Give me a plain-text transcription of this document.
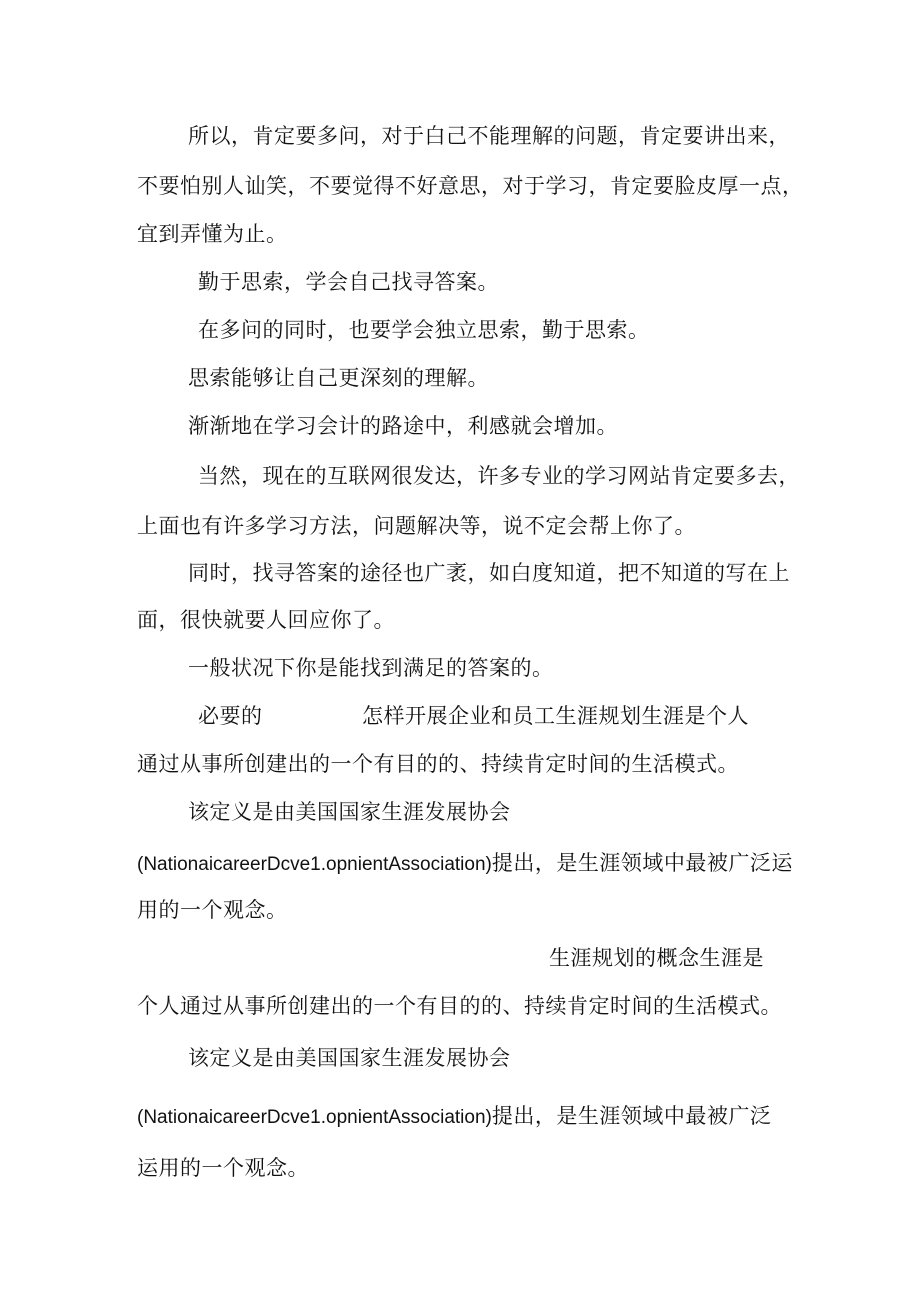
所以，肯定要多问，对于白己不能理解的问题，肯定要讲出来，
不要怕别人讪笑，不要觉得不好意思，对于学习，肯定要脸皮厚一点，
宜到弄懂为止。
勤于思索，学会自己找寻答案。
在多问的同时，也要学会独立思索，勤于思索。
思索能够让自己更深刻的理解。
渐渐地在学习会计的路途中，利感就会增加。
当然，现在的互联网很发达，许多专业的学习网站肯定要多去，
上面也有许多学习方法，问题解决等，说不定会帮上你了。
同时，找寻答案的途径也广袤，如白度知道，把不知道的写在上
面，很快就要人回应你了。
一般状况下你是能找到满足的答案的。
必要的	怎样开展企业和员工生涯规划生涯是个人
通过从事所创建出的一个有目的的、持续肯定时间的生活模式。
该定义是由美国国家生涯发展协会
(NationaicareerDcve1.opnientAssociation)提出，是生涯领域中最被广泛运
用的一个观念。
生涯规划的概念生涯是
个人通过从事所创建出的一个有目的的、持续肯定时间的生活模式。
该定义是由美国国家生涯发展协会
(NationaicareerDcve1.opnientAssociation)提出，是生涯领域中最被广泛
运用的一个观念。
